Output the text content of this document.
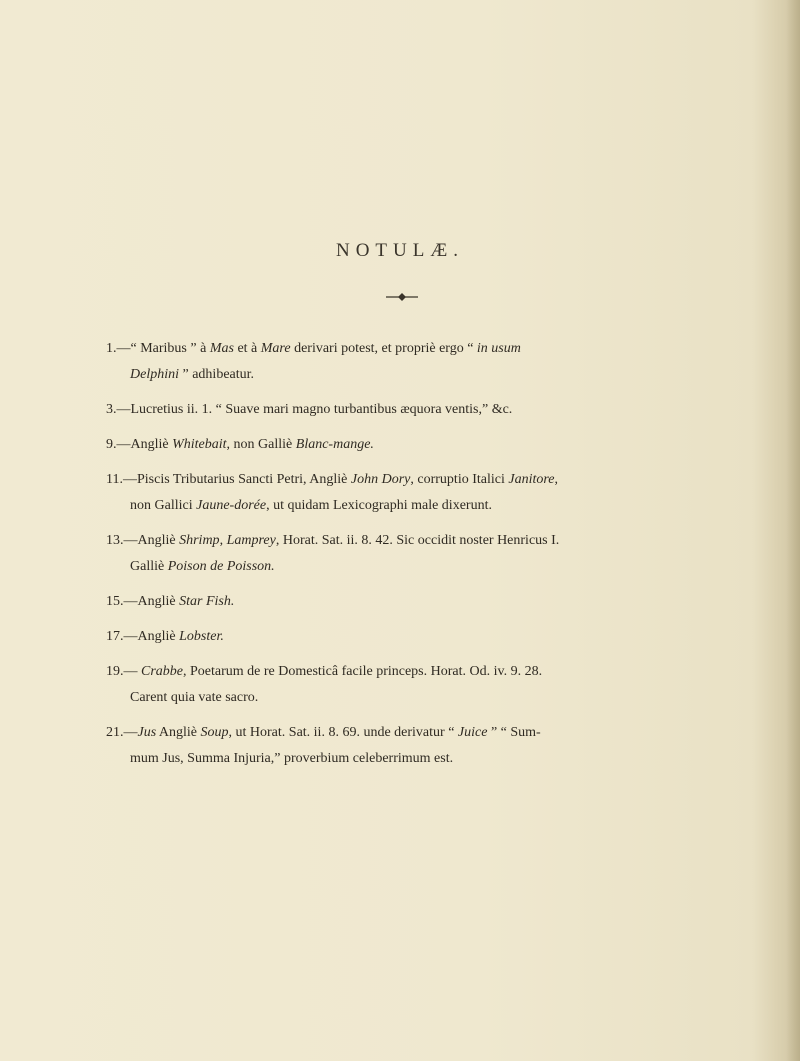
NOTULÆ.
1.—“ Maribus ” à Mas et à Mare derivari potest, et propriè ergo “ in usum
Delphini ” adhibeatur.
3.—Lucretius ii. 1. “ Suave mari magno turbantibus æquora ventis,” &c.
9.—Angliè Whitebait, non Galliè Blanc-mange.
11.—Piscis Tributarius Sancti Petri, Angliè John Dory, corruptio Italici Janitore,
non Gallici Jaune-dorée, ut quidam Lexicographi male dixerunt.
13.—Angliè Shrimp, Lamprey, Horat. Sat. ii. 8. 42. Sic occidit noster Henricus I.
Galliè Poison de Poisson.
15.—Angliè Star Fish.
17.—Angliè Lobster.
19.— Crabbe, Poetarum de re Domesticâ facile princeps. Horat. Od. iv. 9. 28.
Carent quia vate sacro.
21.—Jus Angliè Soup, ut Horat. Sat. ii. 8. 69. unde derivatur “ Juice ” “ Sum-
mum Jus, Summa Injuria,” proverbium celeberrimum est.
